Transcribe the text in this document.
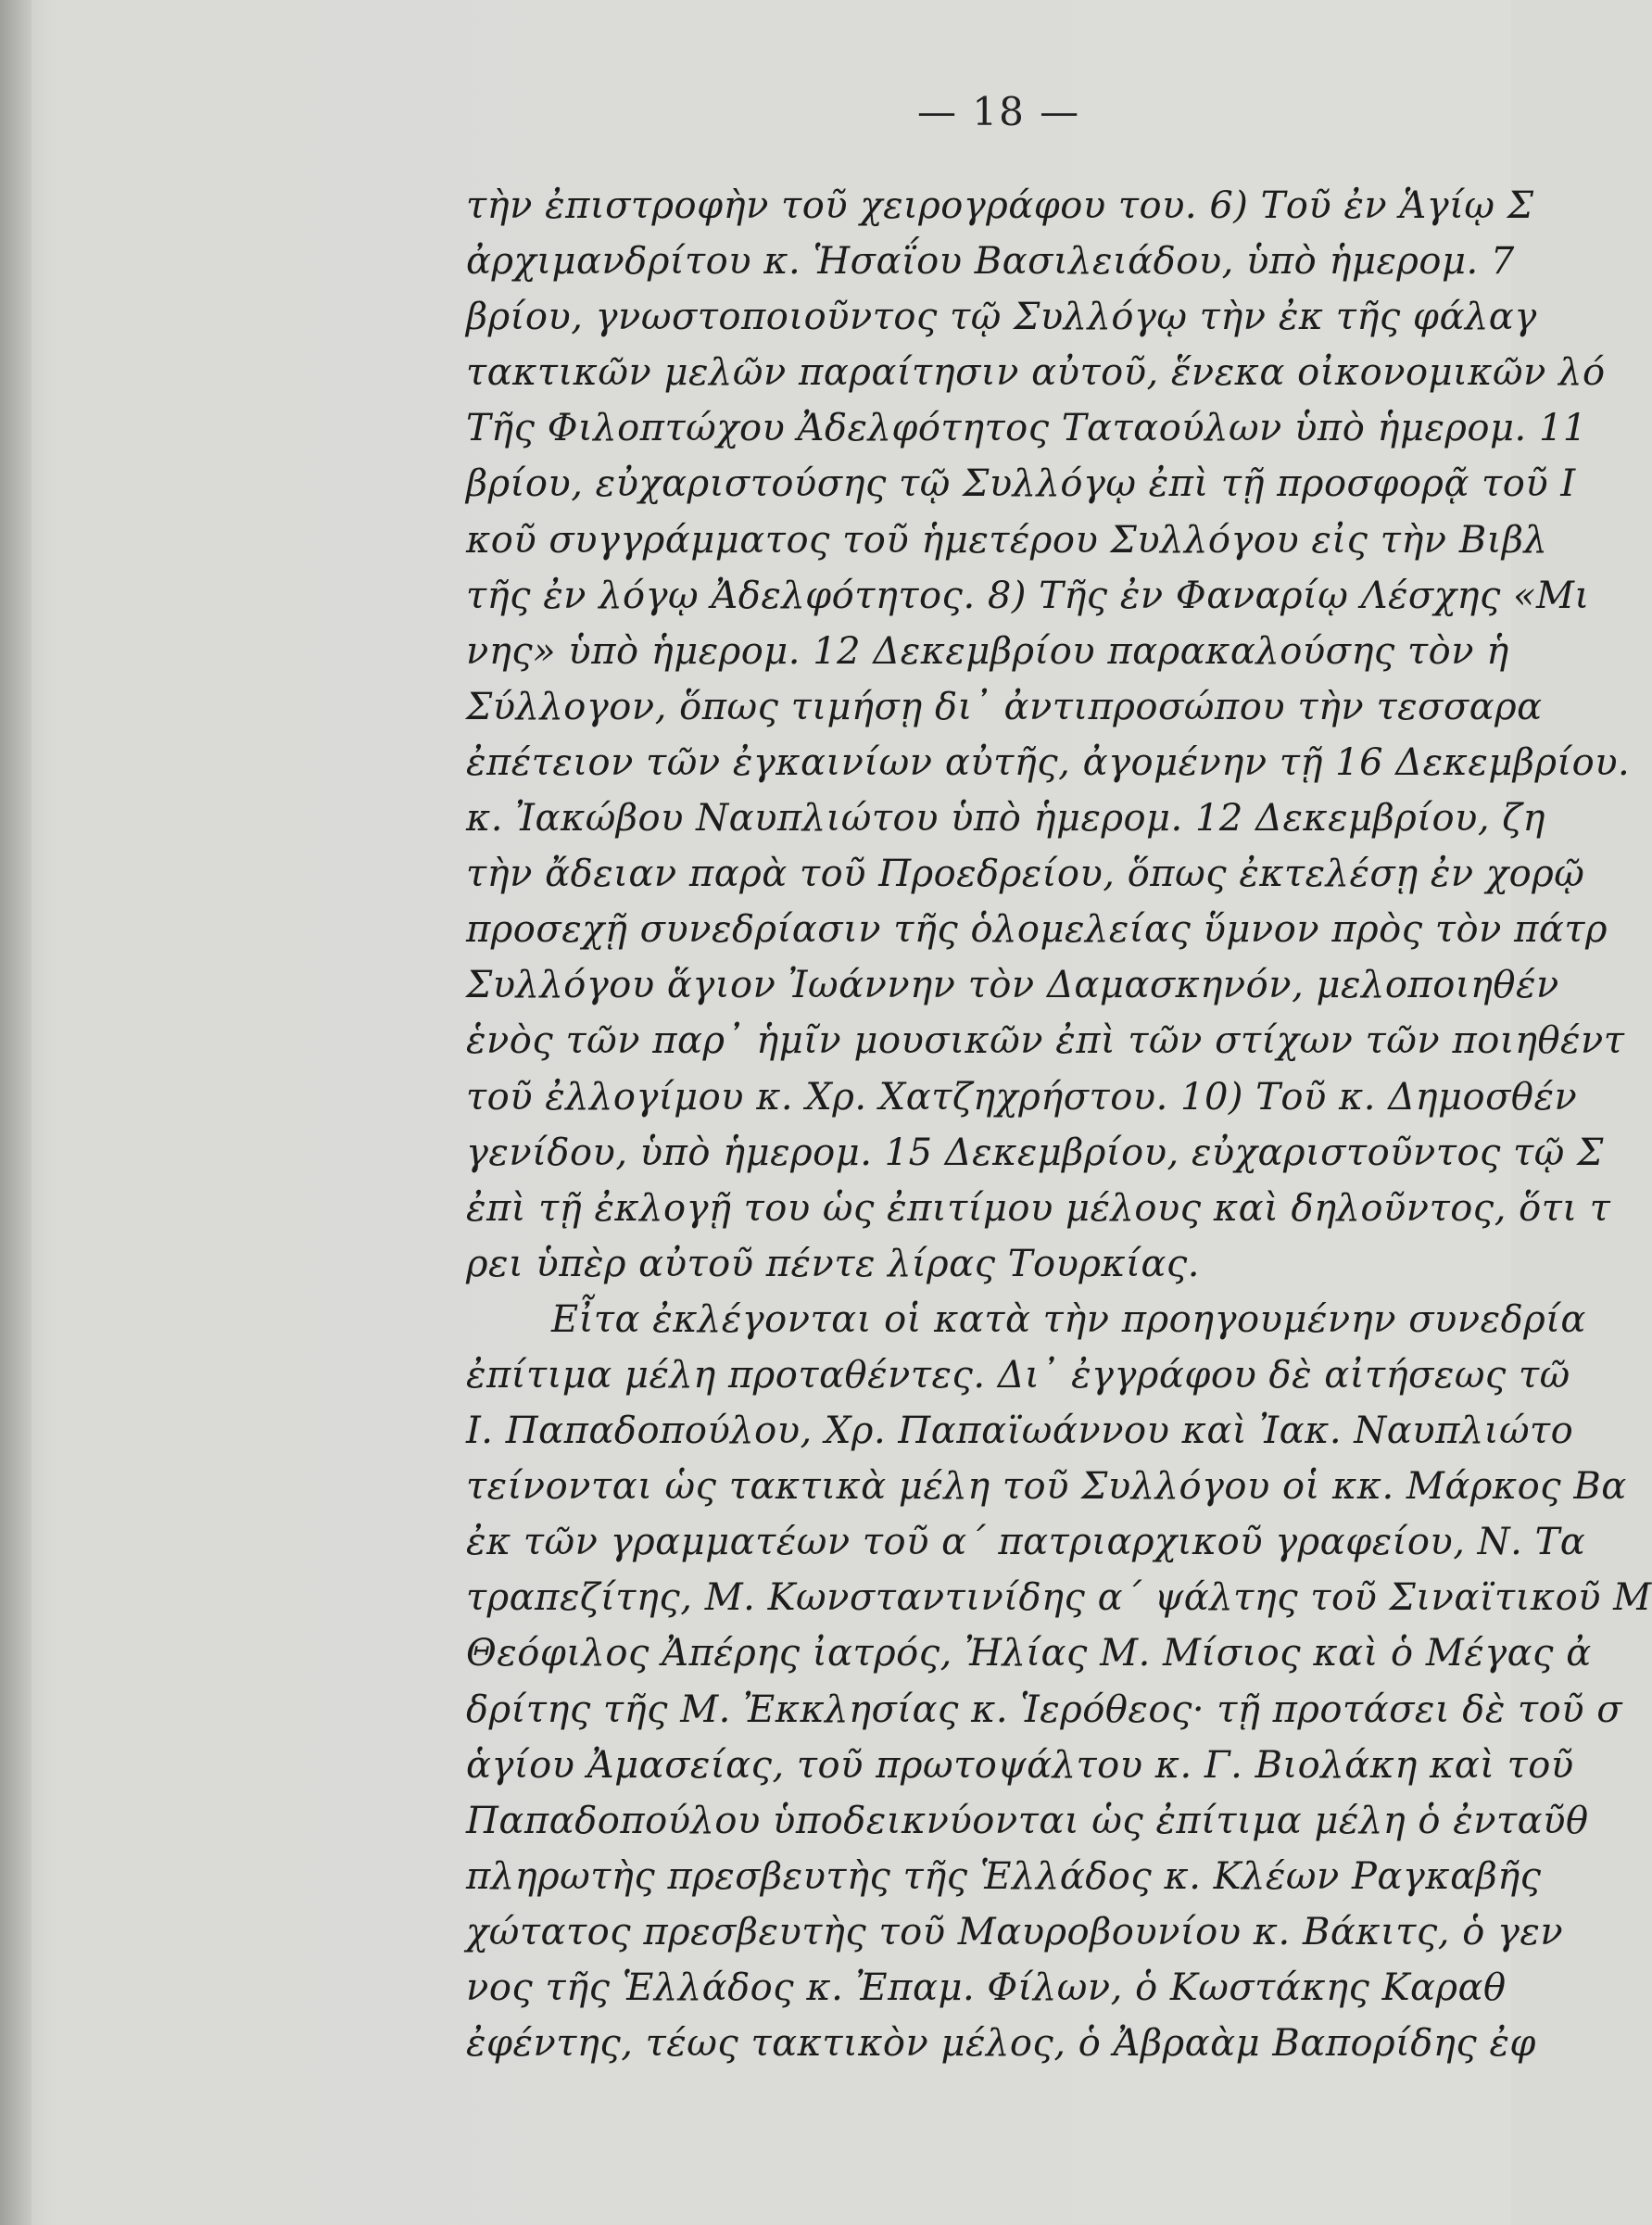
— 18 —
τὴν ἐπιστροφὴν τοῦ χειρογράφου του. 6) Τοῦ ἐν Ἁγίῳ Σ
ἀρχιμανδρίτου κ. Ἡσαΐου Βασιλειάδου, ὑπὸ ἡμερομ. 7
βρίου, γνωστοποιοῦντος τῷ Συλλόγῳ τὴν ἐκ τῆς φάλαγ
τακτικῶν μελῶν παραίτησιν αὐτοῦ, ἕνεκα οἰκονομικῶν λό
Τῆς Φιλοπτώχου Ἀδελφότητος Ταταούλων ὑπὸ ἡμερομ. 11
βρίου, εὐχαριστούσης τῷ Συλλόγῳ ἐπὶ τῇ προσφορᾷ τοῦ Ι
κοῦ συγγράμματος τοῦ ἡμετέρου Συλλόγου εἰς τὴν Βιβλ
τῆς ἐν λόγῳ Ἀδελφότητος. 8) Τῆς ἐν Φαναρίῳ Λέσχης «Μι
νης» ὑπὸ ἡμερομ. 12 Δεκεμβρίου παρακαλούσης τὸν ἡ
Σύλλογον, ὅπως τιμήσῃ δι᾽ ἀντιπροσώπου τὴν τεσσαρα
ἐπέτειον τῶν ἐγκαινίων αὐτῆς, ἀγομένην τῇ 16 Δεκεμβρίου.
κ. Ἰακώβου Ναυπλιώτου ὑπὸ ἡμερομ. 12 Δεκεμβρίου, ζη
τὴν ἄδειαν παρὰ τοῦ Προεδρείου, ὅπως ἐκτελέσῃ ἐν χορῷ
προσεχῇ συνεδρίασιν τῆς ὁλομελείας ὕμνον πρὸς τὸν πάτρ
Συλλόγου ἅγιον Ἰωάννην τὸν Δαμασκηνόν, μελοποιηθέν
ἑνὸς τῶν παρ᾽ ἡμῖν μουσικῶν ἐπὶ τῶν στίχων τῶν ποιηθέντ
τοῦ ἐλλογίμου κ. Χρ. Χατζηχρήστου. 10) Τοῦ κ. Δημοσθέν
γενίδου, ὑπὸ ἡμερομ. 15 Δεκεμβρίου, εὐχαριστοῦντος τῷ Σ
ἐπὶ τῇ ἐκλογῇ του ὡς ἐπιτίμου μέλους καὶ δηλοῦντος, ὅτι τ
ρει ὑπὲρ αὐτοῦ πέντε λίρας Τουρκίας.
Εἶτα ἐκλέγονται οἱ κατὰ τὴν προηγουμένην συνεδρία
ἐπίτιμα μέλη προταθέντες. Δι᾽ ἐγγράφου δὲ αἰτήσεως τῶ
Ι. Παπαδοπούλου, Χρ. Παπαϊωάννου καὶ Ἰακ. Ναυπλιώτο
τείνονται ὡς τακτικὰ μέλη τοῦ Συλλόγου οἱ κκ. Μάρκος Βα
ἐκ τῶν γραμματέων τοῦ α΄ πατριαρχικοῦ γραφείου, Ν. Τα
τραπεζίτης, Μ. Κωνσταντινίδης α΄ ψάλτης τοῦ Σιναϊτικοῦ Μ
Θεόφιλος Ἀπέρης ἰατρός, Ἠλίας Μ. Μίσιος καὶ ὁ Μέγας ἀ
δρίτης τῆς Μ. Ἐκκλησίας κ. Ἱερόθεος· τῇ προτάσει δὲ τοῦ σ
ἁγίου Ἀμασείας, τοῦ πρωτοψάλτου κ. Γ. Βιολάκη καὶ τοῦ
Παπαδοπούλου ὑποδεικνύονται ὡς ἐπίτιμα μέλη ὁ ἐνταῦθ
πληρωτὴς πρεσβευτὴς τῆς Ἑλλάδος κ. Κλέων Ραγκαβῆς
χώτατος πρεσβευτὴς τοῦ Μαυροβουνίου κ. Βάκιτς, ὁ γεν
νος τῆς Ἑλλάδος κ. Ἐπαμ. Φίλων, ὁ Κωστάκης Καραθ
ἐφέντης, τέως τακτικὸν μέλος, ὁ Ἀβραὰμ Βαπορίδης ἐφ
